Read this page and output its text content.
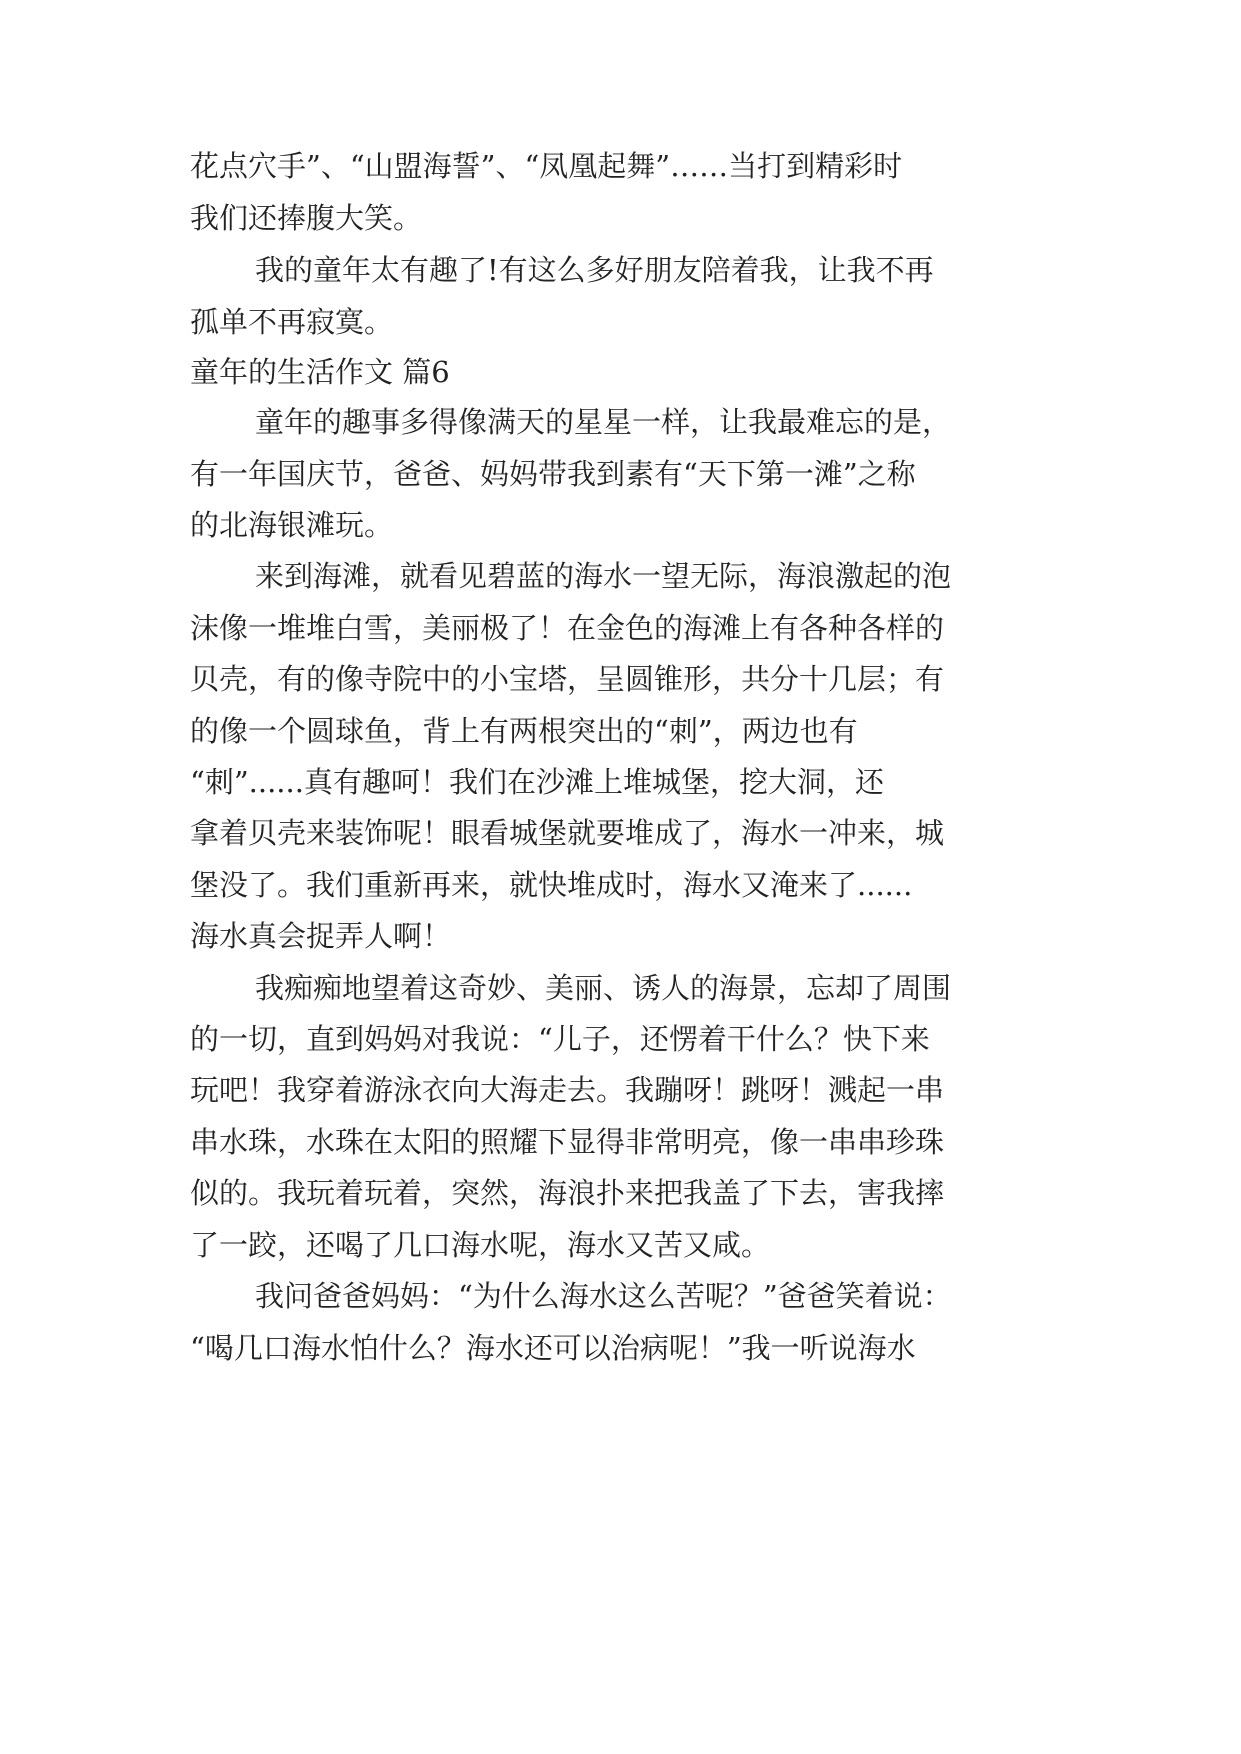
花点穴手”、“山盟海誓”、“凤凰起舞”……当打到精彩时

我们还捧腹大笑。

我的童年太有趣了!有这么多好朋友陪着我，让我不再

孤单不再寂寞。

童年的生活作文 篇6

童年的趣事多得像满天的星星一样，让我最难忘的是，

有一年国庆节，爸爸、妈妈带我到素有“天下第一滩”之称

的北海银滩玩。

来到海滩，就看见碧蓝的海水一望无际，海浪激起的泡

沫像一堆堆白雪，美丽极了！在金色的海滩上有各种各样的

贝壳，有的像寺院中的小宝塔，呈圆锥形，共分十几层；有

的像一个圆球鱼，背上有两根突出的“刺”，两边也有

“刺”......真有趣呵！我们在沙滩上堆城堡，挖大洞，还

拿着贝壳来装饰呢！眼看城堡就要堆成了，海水一冲来，城

堡没了。我们重新再来，就快堆成时，海水又淹来了......

海水真会捉弄人啊！

我痴痴地望着这奇妙、美丽、诱人的海景，忘却了周围

的一切，直到妈妈对我说：“儿子，还愣着干什么？快下来

玩吧！我穿着游泳衣向大海走去。我蹦呀！跳呀！溅起一串

串水珠，水珠在太阳的照耀下显得非常明亮，像一串串珍珠

似的。我玩着玩着，突然，海浪扑来把我盖了下去，害我摔

了一跤，还喝了几口海水呢，海水又苦又咸。

我问爸爸妈妈：“为什么海水这么苦呢？”爸爸笑着说：

“喝几口海水怕什么？海水还可以治病呢！”我一听说海水
